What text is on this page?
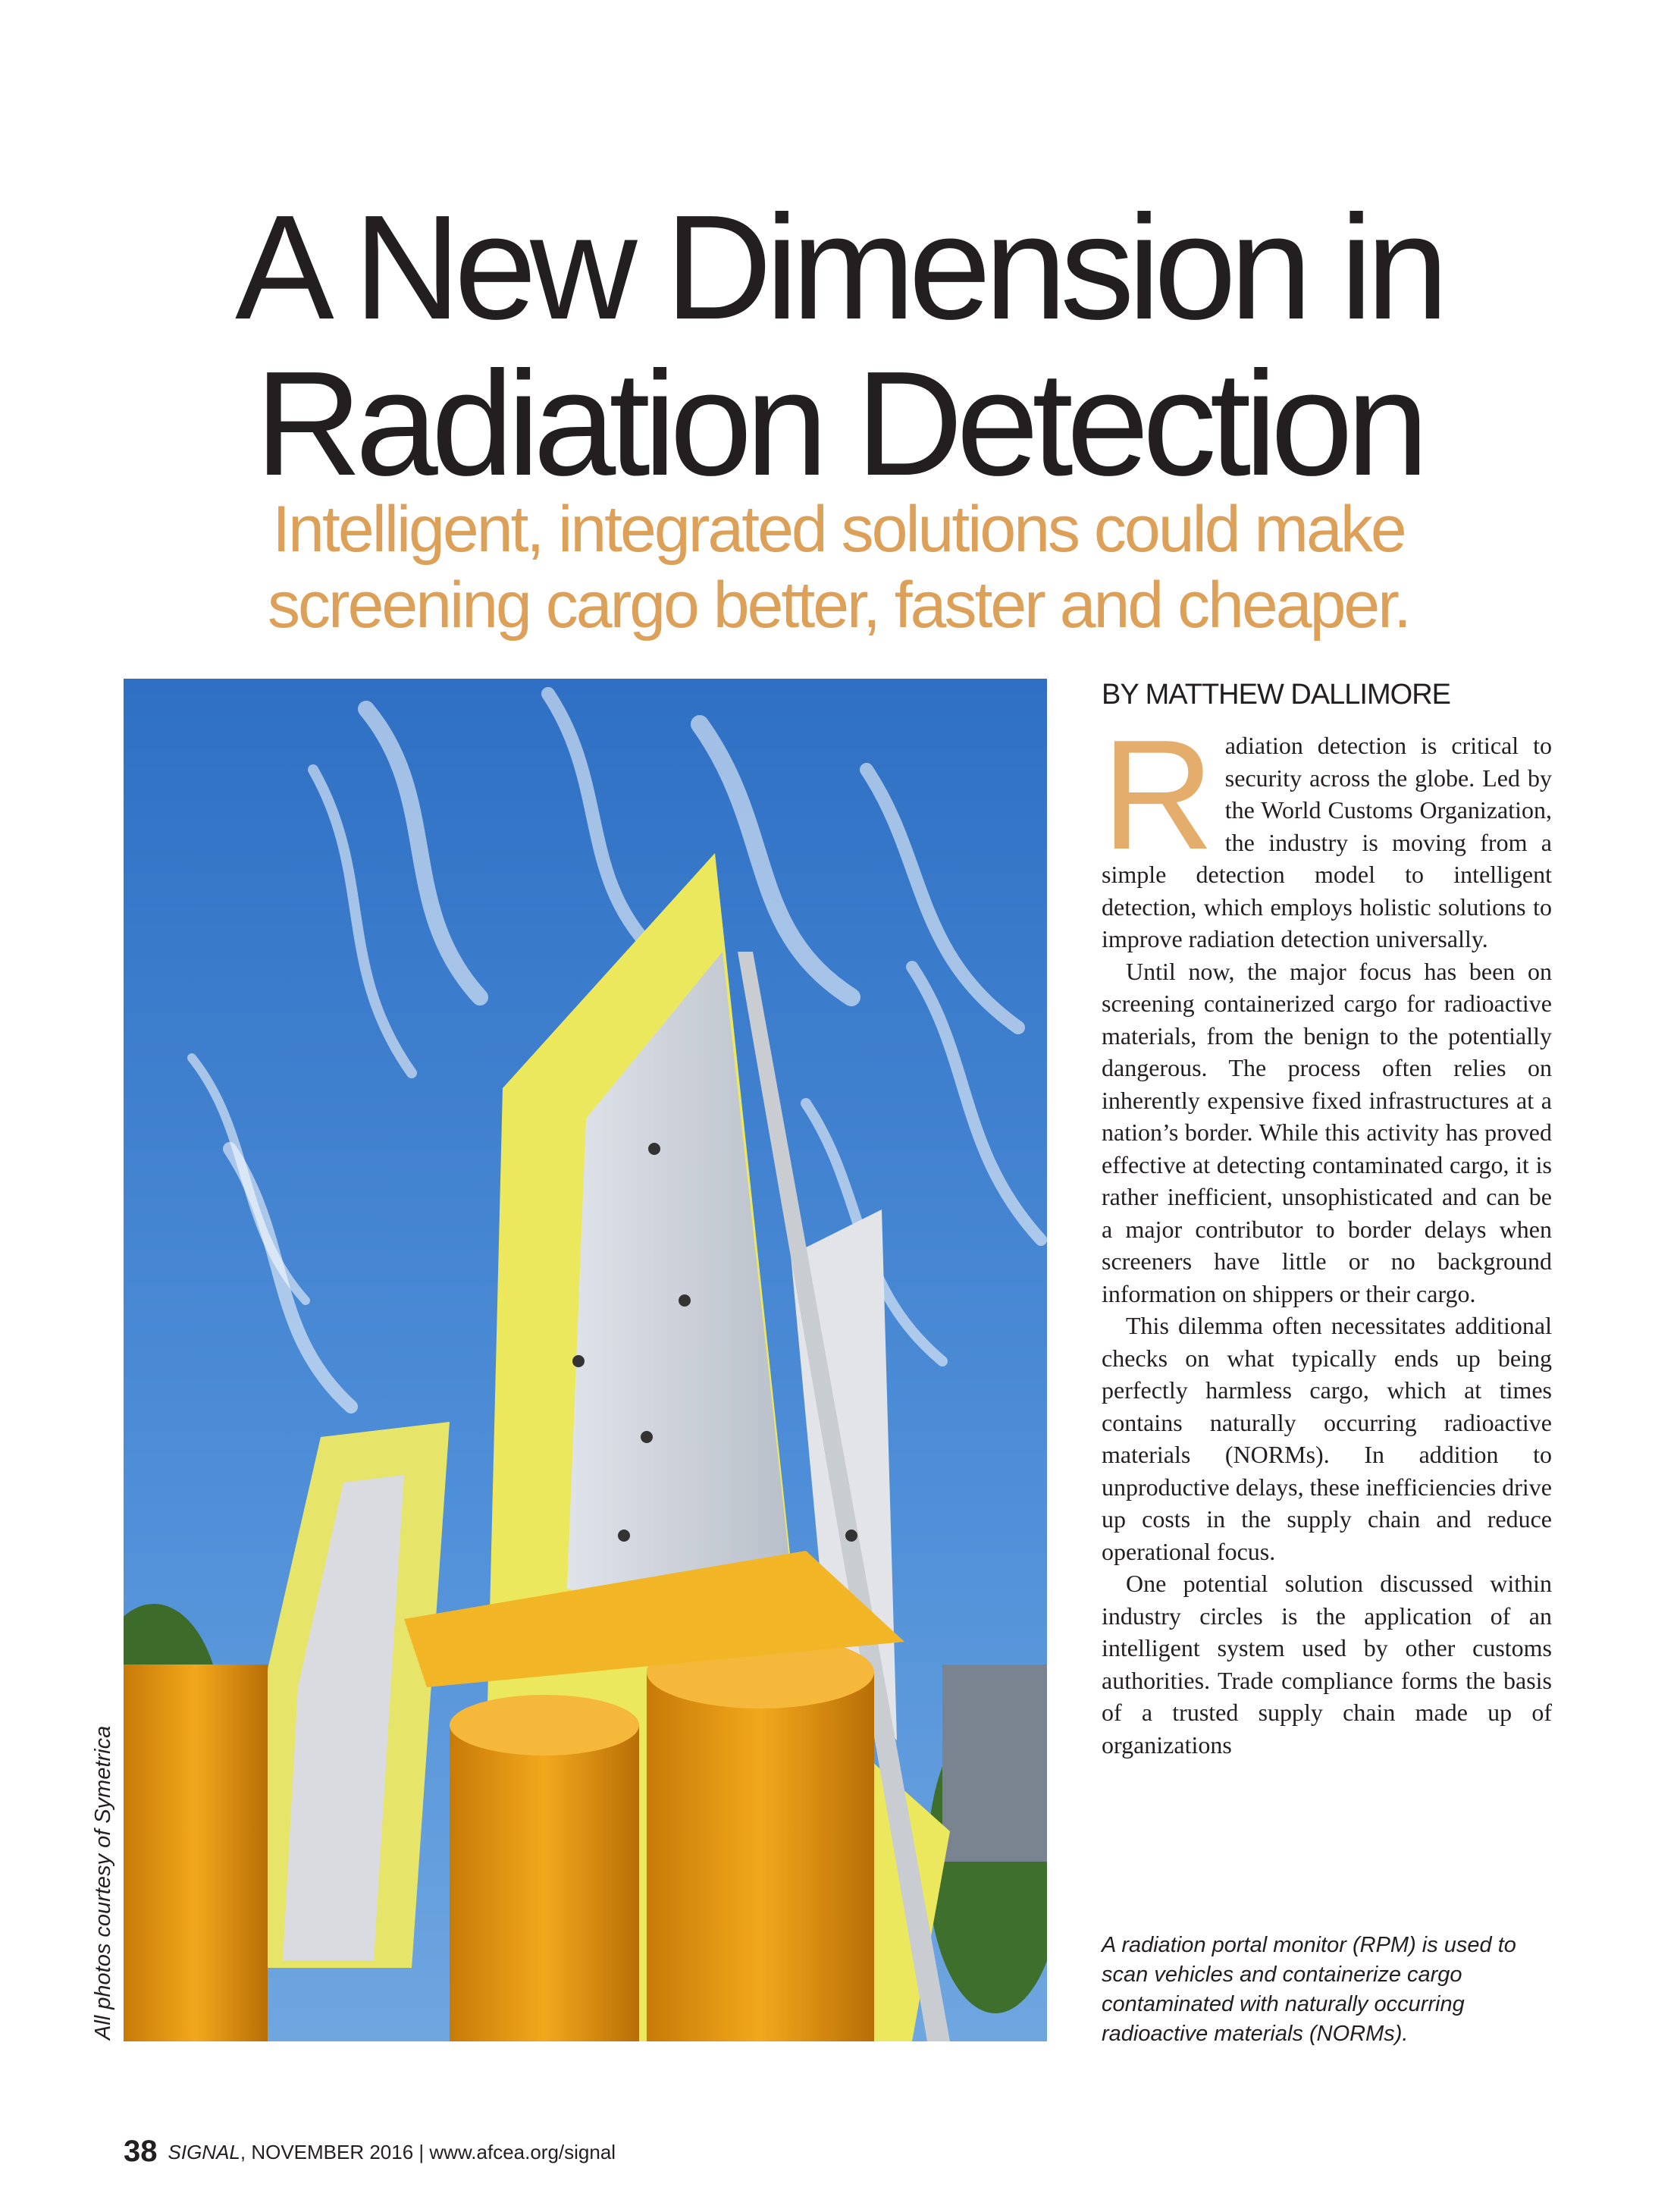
A New Dimension in
Radiation Detection
Intelligent, integrated solutions could make
screening cargo better, faster and cheaper.
All photos courtesy of Symetrica
BY MATTHEW DALLIMORE

Radiation detection is critical to security across the globe. Led by the World Customs Organization, the industry is moving from a simple detection model to intelligent detection, which employs holistic solutions to improve radiation detection universally.

Until now, the major focus has been on screening containerized cargo for radioactive materials, from the benign to the potentially dangerous. The process often relies on inherently expensive fixed infrastructures at a nation’s border. While this activity has proved effective at detecting contaminated cargo, it is rather inefficient, unsophisticated and can be a major contributor to border delays when screeners have little or no background information on shippers or their cargo.

This dilemma often necessitates additional checks on what typically ends up being perfectly harmless cargo, which at times contains naturally occurring radioactive materials (NORMs). In addition to unproductive delays, these inefficiencies drive up costs in the supply chain and reduce operational focus.

One potential solution discussed within industry circles is the application of an intelligent system used by other customs authorities. Trade compliance forms the basis of a trusted supply chain made up of organizations

A radiation portal monitor (RPM) is used to scan vehicles and containerize cargo contaminated with naturally occurring radioactive materials (NORMs).
38 SIGNAL, NOVEMBER 2016 | www.afcea.org/signal
